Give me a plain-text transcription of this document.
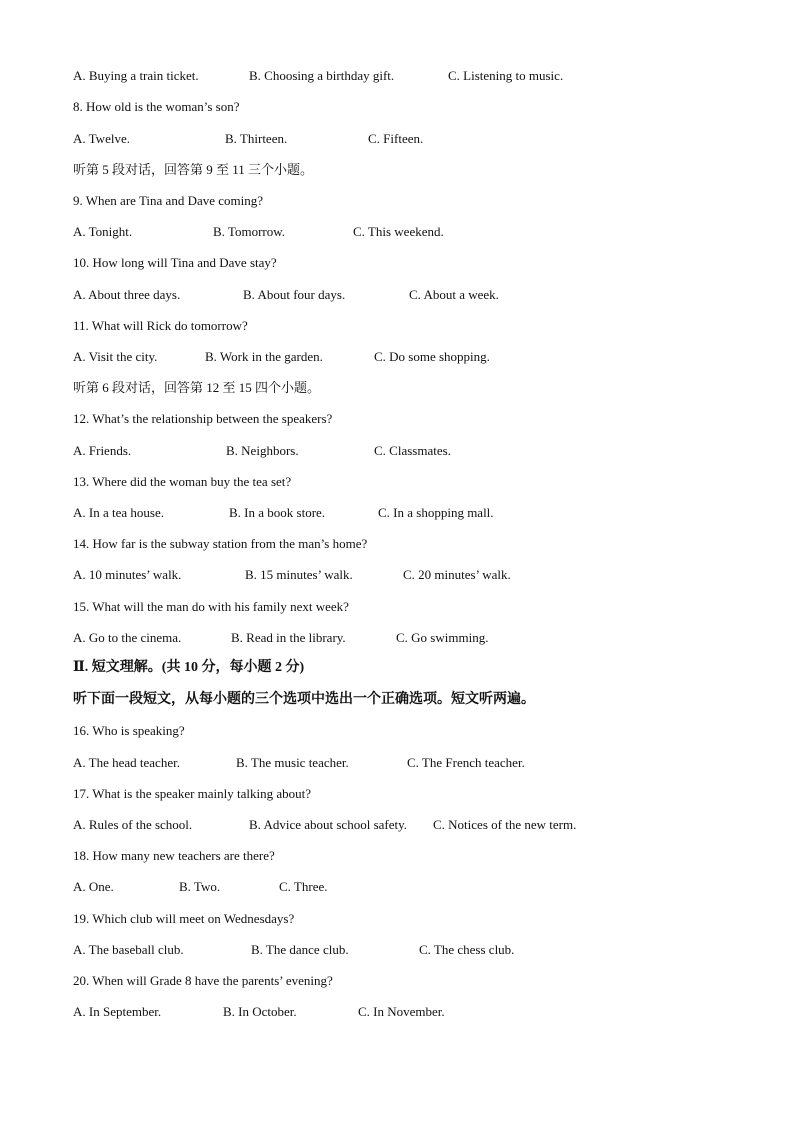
A. Buying a train ticket.	B. Choosing a birthday gift.	C. Listening to music.
8. How old is the woman’s son?
A. Twelve.	B. Thirteen.	C. Fifteen.
听第 5 段对话，回答第 9 至 11 三个小题。
9. When are Tina and Dave coming?
A. Tonight.	B. Tomorrow.	C. This weekend.
10. How long will Tina and Dave stay?
A. About three days.	B. About four days.	C. About a week.
11. What will Rick do tomorrow?
A. Visit the city.	B. Work in the garden.	C. Do some shopping.
听第 6 段对话，回答第 12 至 15 四个小题。
12. What’s the relationship between the speakers?
A. Friends.	B. Neighbors.	C. Classmates.
13. Where did the woman buy the tea set?
A. In a tea house.	B. In a book store.	C. In a shopping mall.
14. How far is the subway station from the man’s home?
A. 10 minutes’ walk.	B. 15 minutes’ walk.	C. 20 minutes’ walk.
15. What will the man do with his family next week?
A. Go to the cinema.	B. Read in the library.	C. Go swimming.
Ⅱ. 短文理解。(共 10 分，每小题 2 分)
听下面一段短文，从每小题的三个选项中选出一个正确选项。短文听两遍。
16. Who is speaking?
A. The head teacher.	B. The music teacher.	C. The French teacher.
17. What is the speaker mainly talking about?
A. Rules of the school.	B. Advice about school safety. C. Notices of the new term.
18. How many new teachers are there?
A. One.	B. Two.	C. Three.
19. Which club will meet on Wednesdays?
A. The baseball club.	B. The dance club.	C. The chess club.
20. When will Grade 8 have the parents’ evening?
A. In September.	B. In October.	C. In November.
